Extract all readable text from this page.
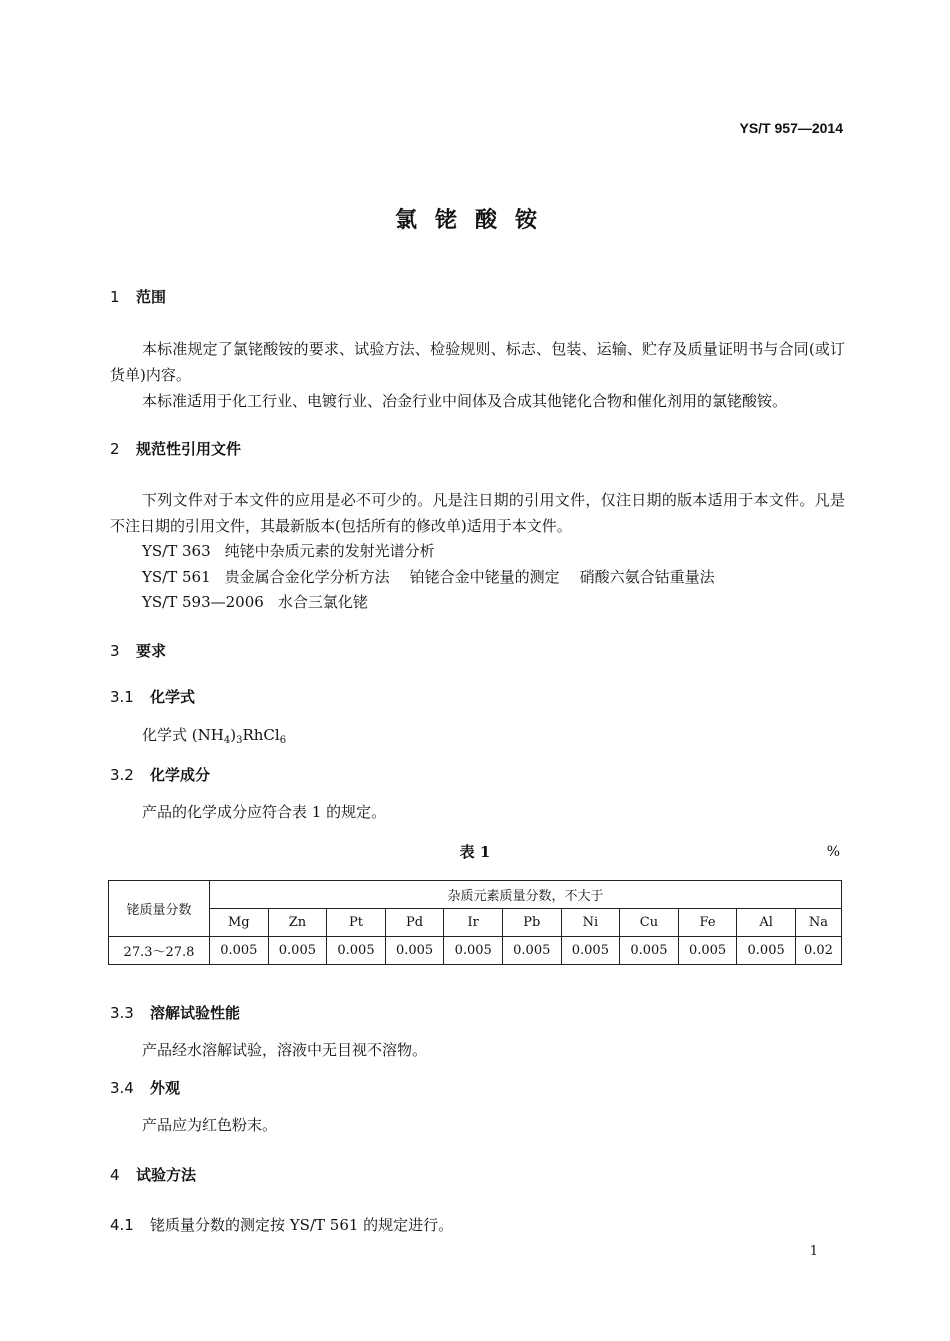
YS/T 957—2014
氯铑酸铵
1 范围
本标准规定了氯铑酸铵的要求、试验方法、检验规则、标志、包装、运输、贮存及质量证明书与合同(或订货单)内容。
本标准适用于化工行业、电镀行业、冶金行业中间体及合成其他铑化合物和催化剂用的氯铑酸铵。
2 规范性引用文件
下列文件对于本文件的应用是必不可少的。凡是注日期的引用文件，仅注日期的版本适用于本文件。凡是不注日期的引用文件，其最新版本(包括所有的修改单)适用于本文件。
YS/T 363 纯铑中杂质元素的发射光谱分析
YS/T 561 贵金属合金化学分析方法 铂铑合金中铑量的测定 硝酸六氨合钴重量法
YS/T 593—2006 水合三氯化铑
3 要求
3.1 化学式
化学式 $(NH_4)_3RhCl_6$
3.2 化学成分
产品的化学成分应符合表 1 的规定。
表 1	%
铑质量分数	杂质元素质量分数，不大于										
	Mg	Zn	Pt	Pd	Ir	Pb	Ni	Cu	Fe	Al	Na
27.3～27.8	0.005	0.005	0.005	0.005	0.005	0.005	0.005	0.005	0.005	0.005	0.02
3.3 溶解试验性能
产品经水溶解试验，溶液中无目视不溶物。
3.4 外观
产品应为红色粉末。
4 试验方法
4.1 铑质量分数的测定按 YS/T 561 的规定进行。
1
